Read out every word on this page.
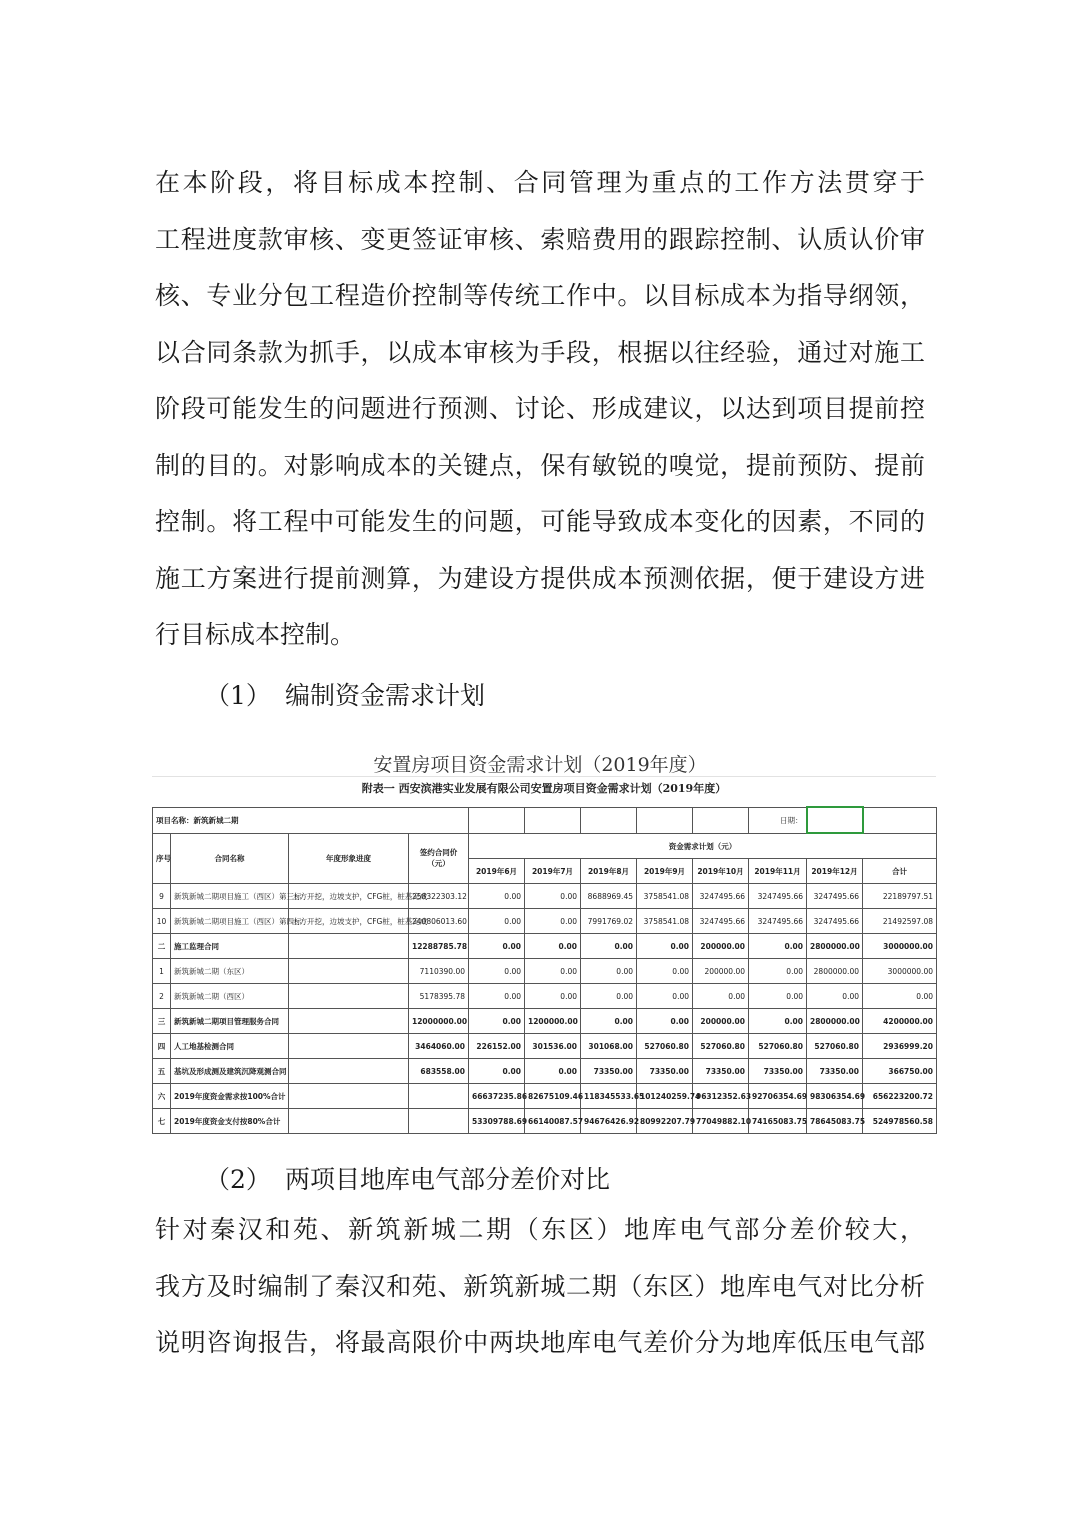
在本阶段，将目标成本控制、合同管理为重点的工作方法贯穿于
工程进度款审核、变更签证审核、索赔费用的跟踪控制、认质认价审
核、专业分包工程造价控制等传统工作中。以目标成本为指导纲领，
以合同条款为抓手，以成本审核为手段，根据以往经验，通过对施工
阶段可能发生的问题进行预测、讨论、形成建议，以达到项目提前控
制的目的。对影响成本的关键点，保有敏锐的嗅觉，提前预防、提前
控制。将工程中可能发生的问题，可能导致成本变化的因素，不同的
施工方案进行提前测算，为建设方提供成本预测依据，便于建设方进
行目标成本控制。
（1） 编制资金需求计划
安置房项目资金需求计划（2019年度）
附表一 西安滨港实业发展有限公司安置房项目资金需求计划（2019年度）
项目名称：新筑新城二期									日期：		
序号	合同名称	年度形象进度	签约合同价（元）	资金需求计划（元）							
				2019年6月	2019年7月	2019年8月	2019年9月	2019年10月	2019年11月	2019年12月	合计
9	新筑新城二期项目施工（西区）第三标	土方开挖，边坡支护，CFG桩，桩基完成	258322303.12	0.00	0.00	8688969.45	3758541.08	3247495.66	3247495.66	3247495.66	22189797.51
10	新筑新城二期项目施工（西区）第四标	土方开挖，边坡支护，CFG桩，桩基完成	240806013.60	0.00	0.00	7991769.02	3758541.08	3247495.66	3247495.66	3247495.66	21492597.08
二	施工监理合同		12288785.78	0.00	0.00	0.00	0.00	200000.00	0.00	2800000.00	3000000.00
1	新筑新城二期（东区）		7110390.00	0.00	0.00	0.00	0.00	200000.00	0.00	2800000.00	3000000.00
2	新筑新城二期（西区）		5178395.78	0.00	0.00	0.00	0.00	0.00	0.00	0.00	0.00
三	新筑新城二期项目管理服务合同		12000000.00	0.00	1200000.00	0.00	0.00	200000.00	0.00	2800000.00	4200000.00
四	人工地基检测合同		3464060.00	226152.00	301536.00	301068.00	527060.80	527060.80	527060.80	527060.80	2936999.20
五	基坑及形成测及建筑沉降观测合同		683558.00	0.00	0.00	73350.00	73350.00	73350.00	73350.00	73350.00	366750.00
六	2019年度资金需求按100%合计			66637235.86	82675109.46	118345533.65	101240259.74	96312352.63	92706354.69	98306354.69	656223200.72
七	2019年度资金支付按80%合计			53309788.69	66140087.57	94676426.92	80992207.79	77049882.10	74165083.75	78645083.75	524978560.58
（2） 两项目地库电气部分差价对比
针对秦汉和苑、新筑新城二期（东区）地库电气部分差价较大，
我方及时编制了秦汉和苑、新筑新城二期（东区）地库电气对比分析
说明咨询报告，将最高限价中两块地库电气差价分为地库低压电气部
